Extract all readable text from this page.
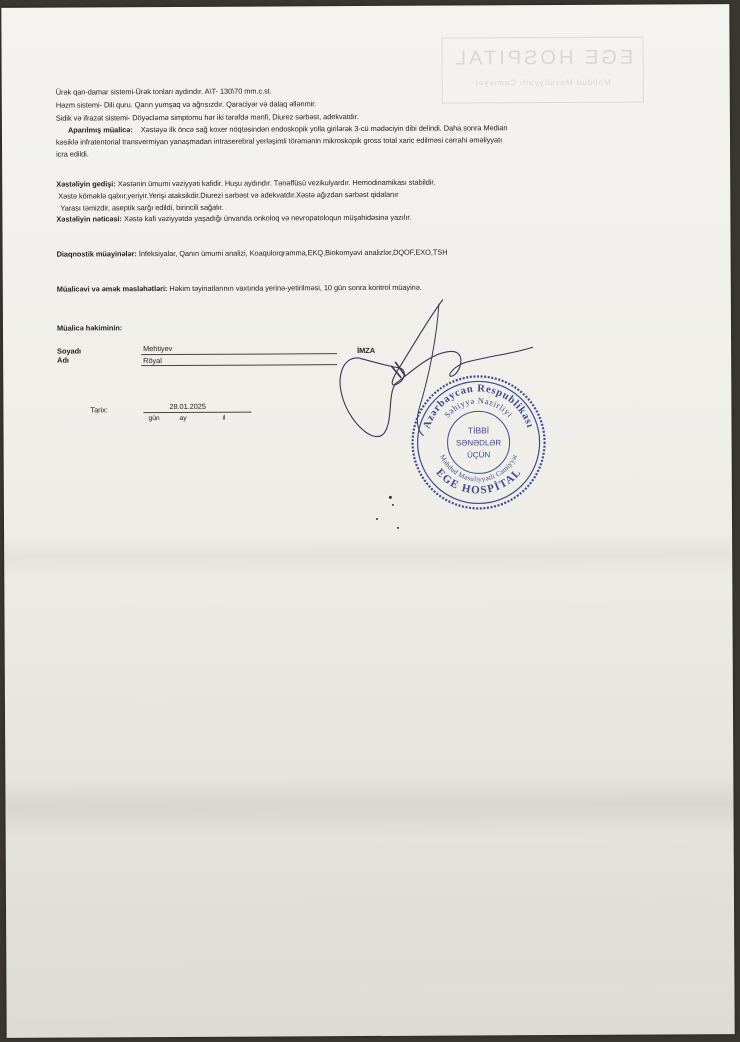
EGE HOSPITAL
Məhdud Məsuliyyətli Cəmiyyət
Ürək qan-damar sistemi-Ürək tonları aydındır. A\T- 130\70 mm.c.st.
Həzm sistemi- Dili quru. Qarın yumşaq və ağrısızdır. Qaraciyər və dalaq əllənmir.
Sidik və ifrazat sistemi- Döyəcləmə simptomu hər iki tərəfdə mənfi, Diurez sərbəst, adekvatdır.
Aparılmış müalicə: Xəstəyə ilk öncə sağ koxer nöqtəsindən endoskopik yolla girilərək 3-cü mədəciyin dibi delindi. Daha sonra Median
kəsiklə infratentorial transvermiyan yanaşmadan intraserebral yerləşimli törəmənin mikroskopik gross total xaric edilməsi cərrahi əməliyyatı
icra edildi.
Xəstəliyin gedişi: Xəstənin ümumi vəziyyəti kafidir. Huşu aydındır. Tənəffüsü vezikulyardır. Hemodinamikası stabildir.
Xəstə köməklə qalxır,yeriyir.Yerişi ataksikdir.Diurezi sərbəst və adekvatdır.Xəstə ağızdan sərbəst qidalanır
Yarası təmizdir, aseptik sarğı edildi, birincili sağalır.
Xəstəliyin nəticəsi: Xəstə kafi vəziyyətdə yaşadığı ünvanda onkoloq və nevropatoloqun müşahidəsinə yazılır.
Diaqnostik müayinələr: İnfeksiyalar, Qanın ümumi analizi, Koaqulorqramma,EKQ,Biokomyəvi analizlər,DQOF,EXO,TSH
Müalicəvi və əmək məsləhətləri: Həkim təyinatlarının vaxtında yerinə-yetirilməsi, 10 gün sonra kontrol müayinə.
Müalicə həkiminin:
Soyadı	Mehtiyev	İMZA
Adı	Röyal
Tarix:	28.01.2025
gün	ay	il
Azərbaycan Respublikası
Səhiyyə Nazirliyi
EGE HOSPİTAL
Məhdud Məsuliyyətli Cəmiyyət
TİBBİ
SƏNƏDLƏR
ÜÇÜN
